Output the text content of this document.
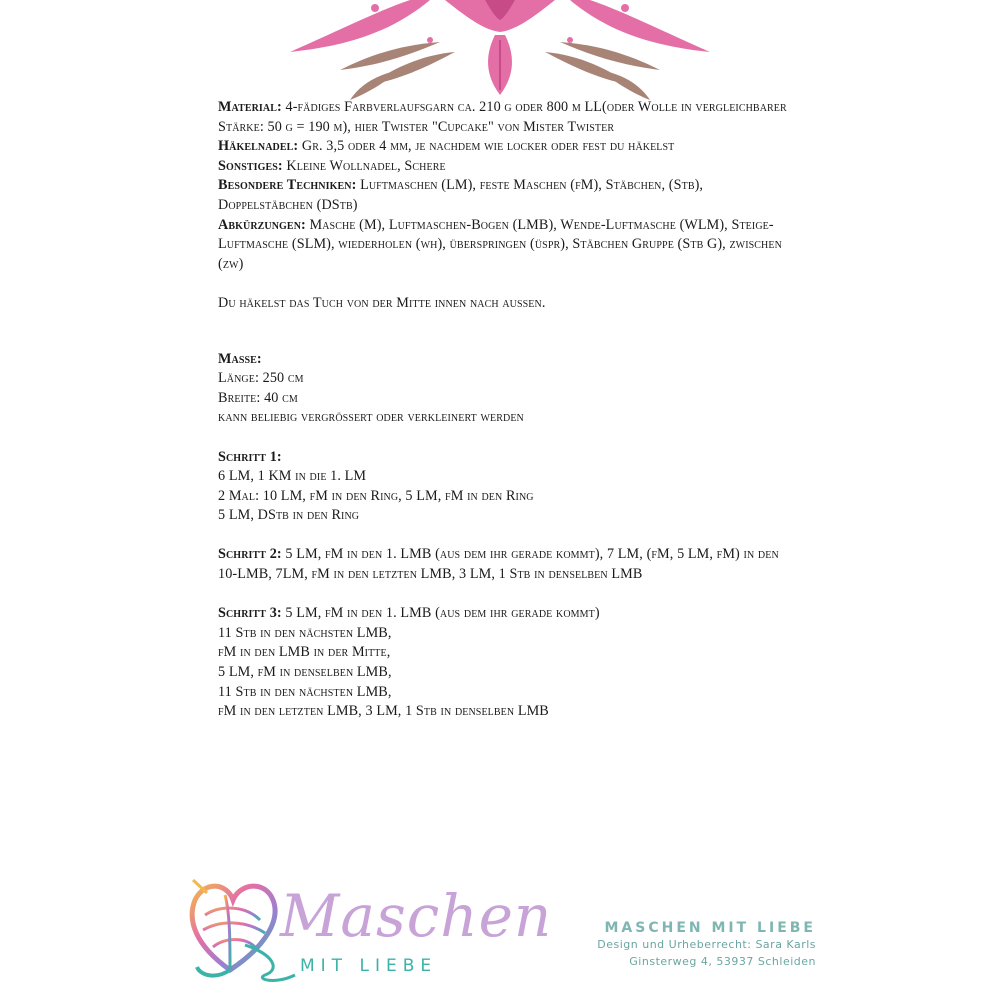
Material: 4-fädiges Farbverlaufsgarn ca. 210 g oder 800 m LL(oder Wolle in vergleichbarer Stärke: 50 g = 190 m), hier Twister "Cupcake" von Mister Twister

Häkelnadel: Gr. 3,5 oder 4 mm, je nachdem wie locker oder fest du häkelst

Sonstiges: Kleine Wollnadel, Schere

Besondere Techniken: Luftmaschen (LM), feste Maschen (fM), Stäbchen, (Stb), Doppelstäbchen (DStb)

Abkürzungen: Masche (M), Luftmaschen-Bogen (LMB), Wende-Luftmasche (WLM), Steige-Luftmasche (SLM), wiederholen (wh), überspringen (üspr), Stäbchen Gruppe (Stb G), zwischen (zw)

Du häkelst das Tuch von der Mitte innen nach aussen.

Masse:

Länge: 250 cm

Breite: 40 cm

kann beliebig vergrössert oder verkleinert werden

Schritt 1:

6 LM, 1 KM in die 1. LM

2 Mal: 10 LM, fM in den Ring, 5 LM, fM in den Ring

5 LM, DStb in den Ring

Schritt 2: 5 LM, fM in den 1. LMB (aus dem ihr gerade kommt), 7 LM, (fM, 5 LM, fM) in den 10-LMB, 7LM, fM in den letzten LMB, 3 LM, 1 Stb in denselben LMB

Schritt 3: 5 LM, fM in den 1. LMB (aus dem ihr gerade kommt)

11 Stb in den nächsten LMB,

fM in den LMB in der Mitte,

5 LM, fM in denselben LMB,

11 Stb in den nächsten LMB,

fM in den letzten LMB, 3 LM, 1 Stb in denselben LMB

Maschen
MIT LIEBE
MASCHEN MIT LIEBE
Design und Urheberrecht: Sara Karls
Ginsterweg 4, 53937 Schleiden
